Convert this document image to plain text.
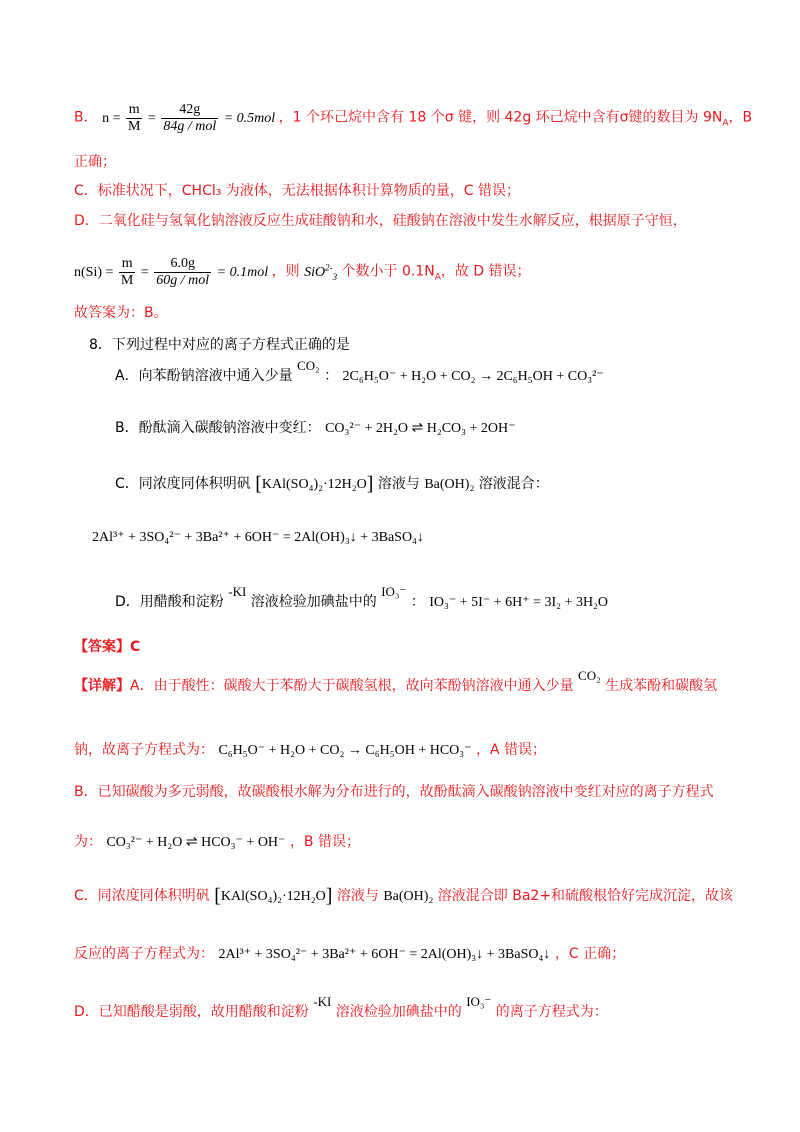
B． $n = \frac{m}{M} = \frac{42g}{\text{84g / mol}} = 0.5mol$ ，1 个环己烷中含有 18 个σ 键，则 42g 环己烷中含有σ键的数目为 $9N_A$，B
正确；
C．标准状况下，CHCl₃ 为液体，无法根据体积计算物质的量，C 错误；
D．二氧化硅与氢氧化钠溶液反应生成硅酸钠和水，硅酸钠在溶液中发生水解反应，根据原子守恒，
$n(Si) = \frac{m}{M} = \frac{6.0g}{\text{60g / mol}} = 0.1mol$ ，则 SiO$^{2-}_3$ 个数小于 $0.1N_A$，故 D 错误；
故答案为：B。
8．下列过程中对应的离子方程式正确的是
A．向苯酚钠溶液中通入少量 CO₂ ： 2C₆H₅O⁻ + H₂O + CO₂ → 2C₆H₅OH + CO₃²⁻
B．酚酞滴入碳酸钠溶液中变红： CO₃²⁻ + 2H₂O ⇌ H₂CO₃ + 2OH⁻
C．同浓度同体积明矾 [KAl(SO₄)₂·12H₂O] 溶液与 Ba(OH)₂ 溶液混合：
2Al³⁺ + 3SO₄²⁻ + 3Ba²⁺ + 6OH⁻ = 2Al(OH)₃↓ + 3BaSO₄↓
D．用醋酸和淀粉 -KI 溶液检验加碘盐中的 IO₃⁻ ： IO₃⁻ + 5I⁻ + 6H⁺ = 3I₂ + 3H₂O
【答案】C
【详解】A．由于酸性：碳酸大于苯酚大于碳酸氢根，故向苯酚钠溶液中通入少量 CO₂ 生成苯酚和碳酸氢
钠，故离子方程式为： C₆H₅O⁻ + H₂O + CO₂ → C₆H₅OH + HCO₃⁻ ，A 错误；
B．已知碳酸为多元弱酸，故碳酸根水解为分布进行的，故酚酞滴入碳酸钠溶液中变红对应的离子方程式
为： CO₃²⁻ + H₂O ⇌ HCO₃⁻ + OH⁻ ，B 错误；
C．同浓度同体积明矾 [KAl(SO₄)₂·12H₂O] 溶液与 Ba(OH)₂ 溶液混合即 Ba2+和硫酸根恰好完成沉淀，故该
反应的离子方程式为： 2Al³⁺ + 3SO₄²⁻ + 3Ba²⁺ + 6OH⁻ = 2Al(OH)₃↓ + 3BaSO₄↓ ，C 正确；
D．已知醋酸是弱酸，故用醋酸和淀粉 -KI 溶液检验加碘盐中的 IO₃⁻ 的离子方程式为：
